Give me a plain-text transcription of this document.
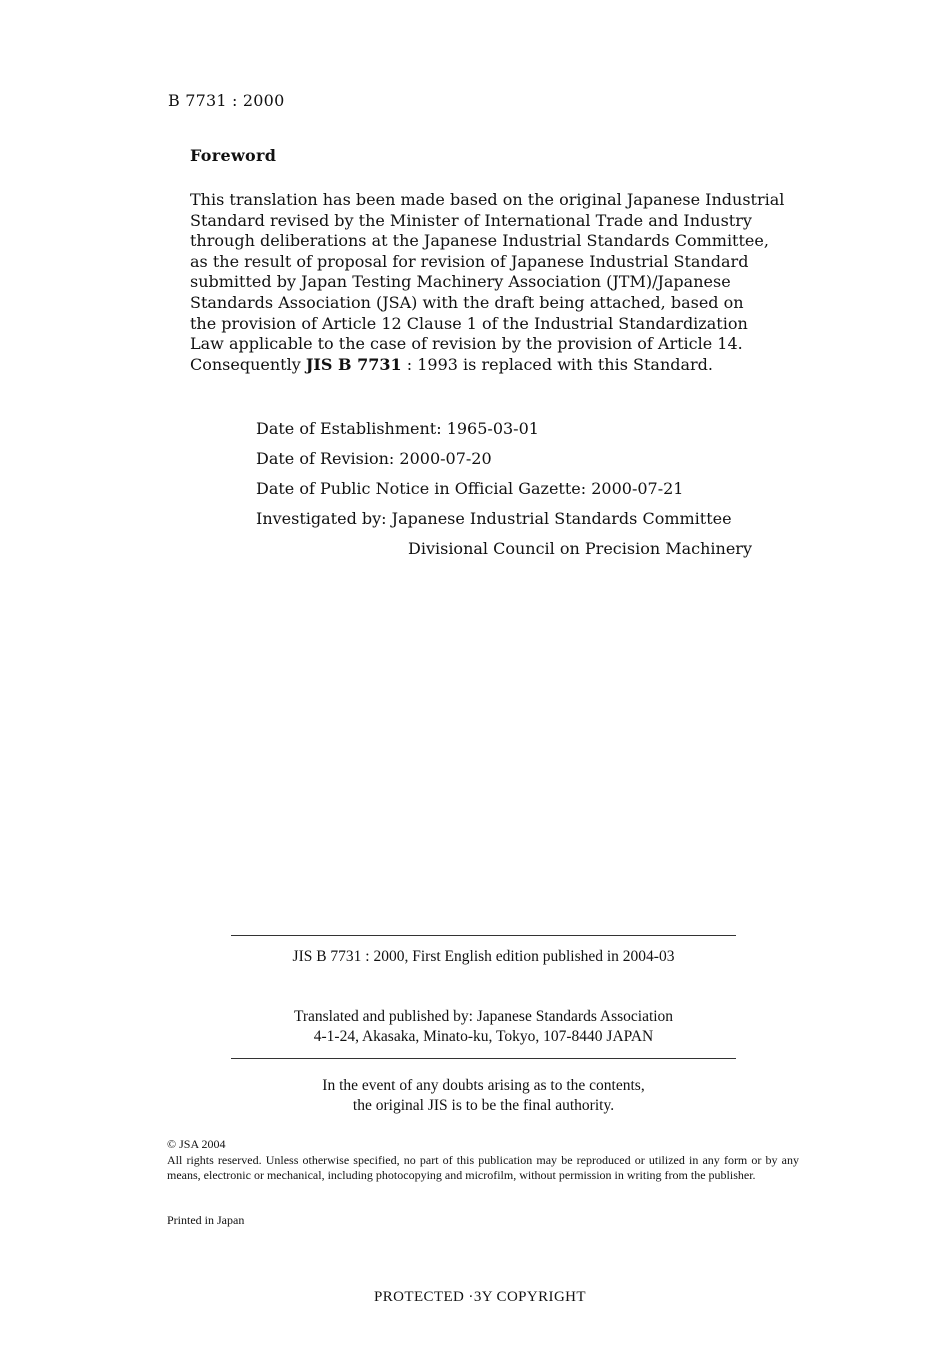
B 7731 : 2000

Foreword
This translation has been made based on the original Japanese Industrial
Standard revised by the Minister of International Trade and Industry
through deliberations at the Japanese Industrial Standards Committee,
as the result of proposal for revision of Japanese Industrial Standard
submitted by Japan Testing Machinery Association (JTM)/Japanese
Standards Association (JSA) with the draft being attached, based on
the provision of Article 12 Clause 1 of the Industrial Standardization
Law applicable to the case of revision by the provision of Article 14.
Consequently JIS B 7731 : 1993 is replaced with this Standard.
Date of Establishment: 1965-03-01
Date of Revision: 2000-07-20
Date of Public Notice in Official Gazette: 2000-07-21
Investigated by: Japanese Industrial Standards Committee
Divisional Council on Precision Machinery

JIS B 7731 : 2000, First English edition published in 2004-03

Translated and published by: Japanese Standards Association
4-1-24, Akasaka, Minato-ku, Tokyo, 107-8440 JAPAN

In the event of any doubts arising as to the contents,
the original JIS is to be the final authority.

© JSA 2004
All rights reserved. Unless otherwise specified, no part of this publication may be reproduced or utilized in any form or by any means, electronic or mechanical, including photocopying and microfilm, without permission in writing from the publisher.

Printed in Japan

PROTECTED ·3Y COPYRIGHT
